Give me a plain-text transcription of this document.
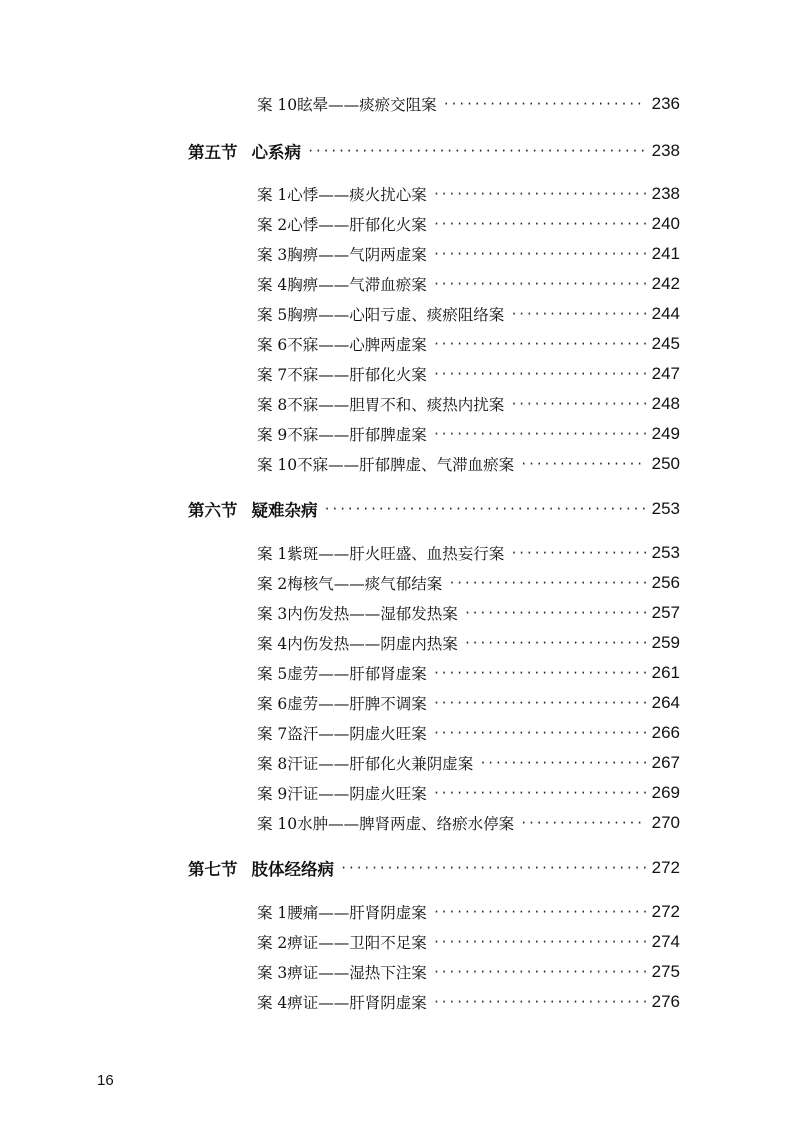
案 10 眩晕——痰瘀交阻案 ·····	236
第五节 心系病 ·····	238
案 1 心悸——痰火扰心案 ·····	238
案 2 心悸——肝郁化火案 ·····	240
案 3 胸痹——气阴两虚案 ·····	241
案 4 胸痹——气滞血瘀案 ·····	242
案 5 胸痹——心阳亏虚、痰瘀阻络案 ·····	244
案 6 不寐——心脾两虚案 ·····	245
案 7 不寐——肝郁化火案 ·····	247
案 8 不寐——胆胃不和、痰热内扰案 ·····	248
案 9 不寐——肝郁脾虚案 ·····	249
案 10 不寐——肝郁脾虚、气滞血瘀案 ·····	250
第六节 疑难杂病 ·····	253
案 1 紫斑——肝火旺盛、血热妄行案 ·····	253
案 2 梅核气——痰气郁结案 ·····	256
案 3 内伤发热——湿郁发热案 ·····	257
案 4 内伤发热——阴虚内热案 ·····	259
案 5 虚劳——肝郁肾虚案 ·····	261
案 6 虚劳——肝脾不调案 ·····	264
案 7 盗汗——阴虚火旺案 ·····	266
案 8 汗证——肝郁化火兼阴虚案 ·····	267
案 9 汗证——阴虚火旺案 ·····	269
案 10 水肿——脾肾两虚、络瘀水停案 ·····	270
第七节 肢体经络病 ·····	272
案 1 腰痛——肝肾阴虚案 ·····	272
案 2 痹证——卫阳不足案 ·····	274
案 3 痹证——湿热下注案 ·····	275
案 4 痹证——肝肾阴虚案 ·····	276
16
